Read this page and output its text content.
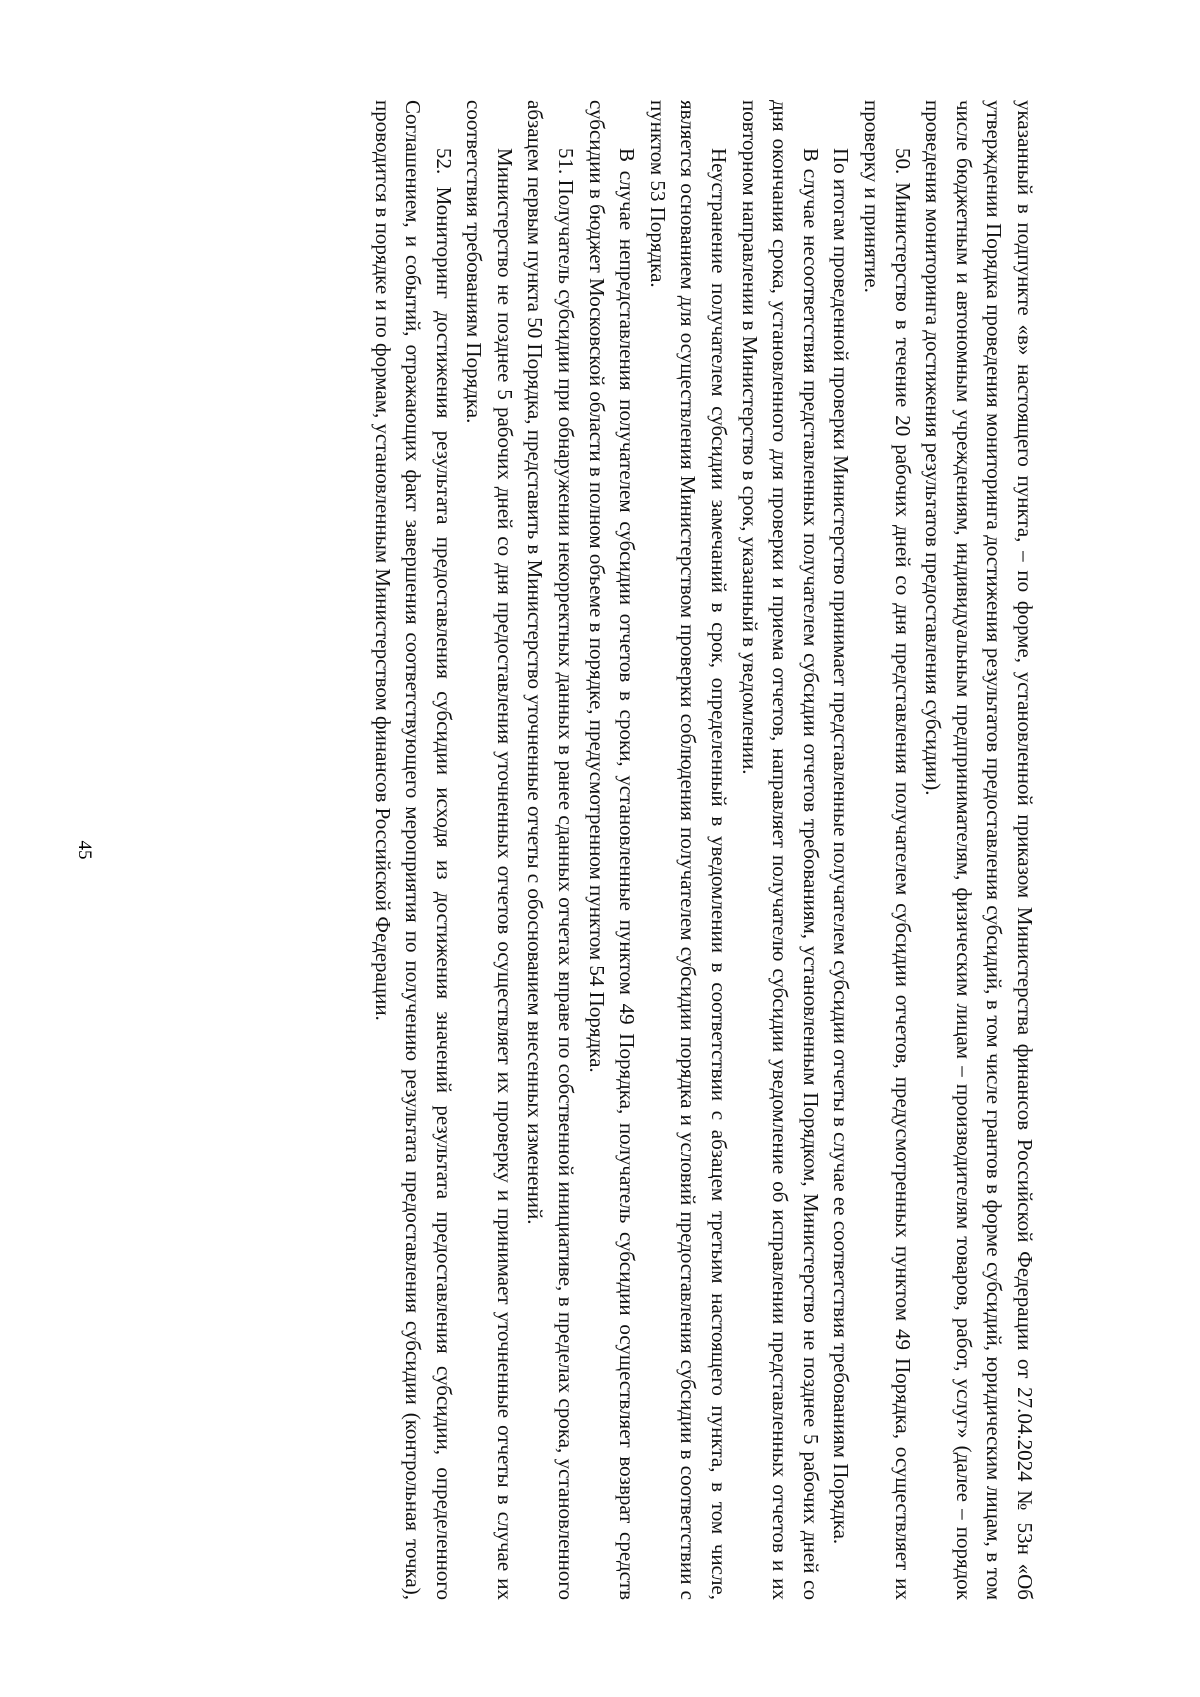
45	указанный в подпункте «в» настоящего пункта, – по форме, установленной приказом Министерства финансов Российской Федерации от 27.04.2024 № 53н «Об утверждении Порядка проведения мониторинга достижения результатов предоставления субсидий, в том числе грантов в форме субсидий, юридическим лицам, в том числе бюджетным и автономным учреждениям, индивидуальным предпринимателям, физическим лицам – производителям товаров, работ, услуг» (далее – порядок проведения мониторинга достижения результатов предоставления субсидии).

50. Министерство в течение 20 рабочих дней со дня представления получателем субсидии отчетов, предусмотренных пунктом 49 Порядка, осуществляет их проверку и принятие.

По итогам проведенной проверки Министерство принимает представленные получателем субсидии отчеты в случае ее соответствия требованиям Порядка.

В случае несоответствия представленных получателем субсидии отчетов требованиям, установленным Порядком, Министерство не позднее 5 рабочих дней со дня окончания срока, установленного для проверки и приема отчетов, направляет получателю субсидии уведомление об исправлении представленных отчетов и их повторном направлении в Министерство в срок, указанный в уведомлении.

Неустранение получателем субсидии замечаний в срок, определенный в уведомлении в соответствии с абзацем третьим настоящего пункта, в том числе, является основанием для осуществления Министерством проверки соблюдения получателем субсидии порядка и условий предоставления субсидии в соответствии с пунктом 53 Порядка.

В случае непредставления получателем субсидии отчетов в сроки, установленные пунктом 49 Порядка, получатель субсидии осуществляет возврат средств субсидии в бюджет Московской области в полном объеме в порядке, предусмотренном пунктом 54 Порядка.

51. Получатель субсидии при обнаружении некорректных данных в ранее сданных отчетах вправе по собственной инициативе, в пределах срока, установленного абзацем первым пункта 50 Порядка, представить в Министерство уточненные отчеты с обоснованием внесенных изменений.

Министерство не позднее 5 рабочих дней со дня предоставления уточненных отчетов осуществляет их проверку и принимает уточненные отчеты в случае их соответствия требованиям Порядка.

52. Мониторинг достижения результата предоставления субсидии исходя из достижения значений результата предоставления субсидии, определенного Соглашением, и событий, отражающих факт завершения соответствующего мероприятия по получению результата предоставления субсидии (контрольная точка), проводится в порядке и по формам, установленным Министерством финансов Российской Федерации.
